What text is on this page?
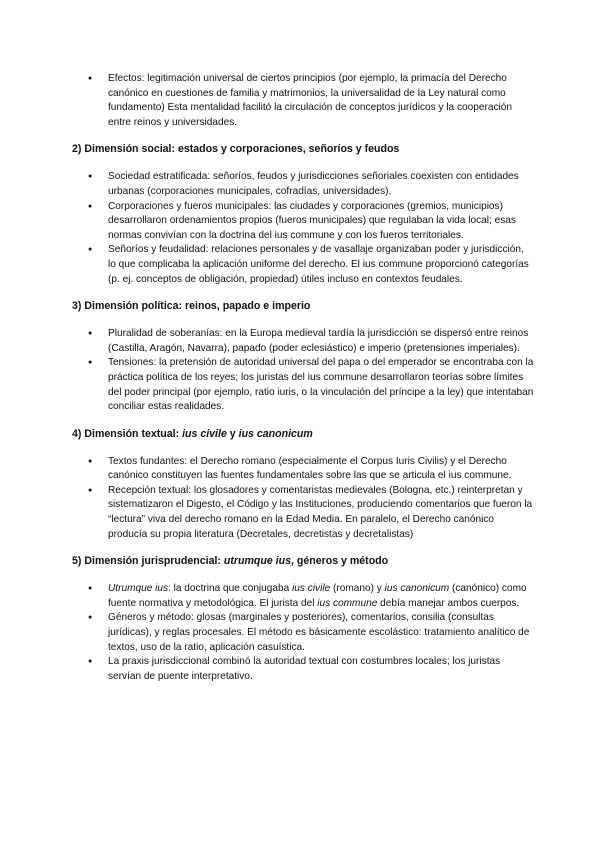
● Efectos: legitimación universal de ciertos principios (por ejemplo, la primacía del Derecho canónico en cuestiones de familia y matrimonios, la universalidad de la Ley natural como fundamento) Esta mentalidad facilitó la circulación de conceptos jurídicos y la cooperación entre reinos y universidades.
2) Dimensión social: estados y corporaciones, señoríos y feudos
● Sociedad estratificada: señoríos, feudos y jurisdicciones señoriales coexisten con entidades urbanas (corporaciones municipales, cofradías, universidades).
● Corporaciones y fueros municipales: las ciudades y corporaciones (gremios, municipios) desarrollaron ordenamientos propios (fueros municipales) que regulaban la vida local; esas normas convivían con la doctrina del ius commune y con los fueros territoriales.
● Señoríos y feudalidad: relaciones personales y de vasallaje organizaban poder y jurisdicción, lo que complicaba la aplicación uniforme del derecho. El ius commune proporcionó categorías (p. ej. conceptos de obligación, propiedad) útiles incluso en contextos feudales.
3) Dimensión política: reinos, papado e imperio
● Pluralidad de soberanías: en la Europa medieval tardía la jurisdicción se dispersó entre reinos (Castilla, Aragón, Navarra), papado (poder eclesiástico) e imperio (pretensiones imperiales).
● Tensiones: la pretensión de autoridad universal del papa o del emperador se encontraba con la práctica política de los reyes; los juristas del ius commune desarrollaron teorías sobre límites del poder principal (por ejemplo, ratio iuris, o la vinculación del príncipe a la ley) que intentaban conciliar estas realidades.
4) Dimensión textual: ius civile y ius canonicum
● Textos fundantes: el Derecho romano (especialmente el Corpus Iuris Civilis) y el Derecho canónico constituyen las fuentes fundamentales sobre las que se articula el ius commune.
● Recepción textual: los glosadores y comentaristas medievales (Bologna, etc.) reinterpretan y sistematizaron el Digesto, el Código y las Instituciones, produciendo comentarios que fueron la “lectura” viva del derecho romano en la Edad Media. En paralelo, el Derecho canónico producía su propia literatura (Decretales, decretistas y decretalistas)
5) Dimensión jurisprudencial: utrumque ius, géneros y método
● Utrumque ius: la doctrina que conjugaba ius civile (romano) y ius canonicum (canónico) como fuente normativa y metodológica. El jurista del ius commune debía manejar ambos cuerpos.
● Géneros y método: glosas (marginales y posteriores), comentarios, consilia (consultas jurídicas), y reglas procesales. El método es básicamente escolástico: tratamiento analítico de textos, uso de la ratio, aplicación casuística.
● La praxis jurisdiccional combinó la autoridad textual con costumbres locales; los juristas servían de puente interpretativo.
